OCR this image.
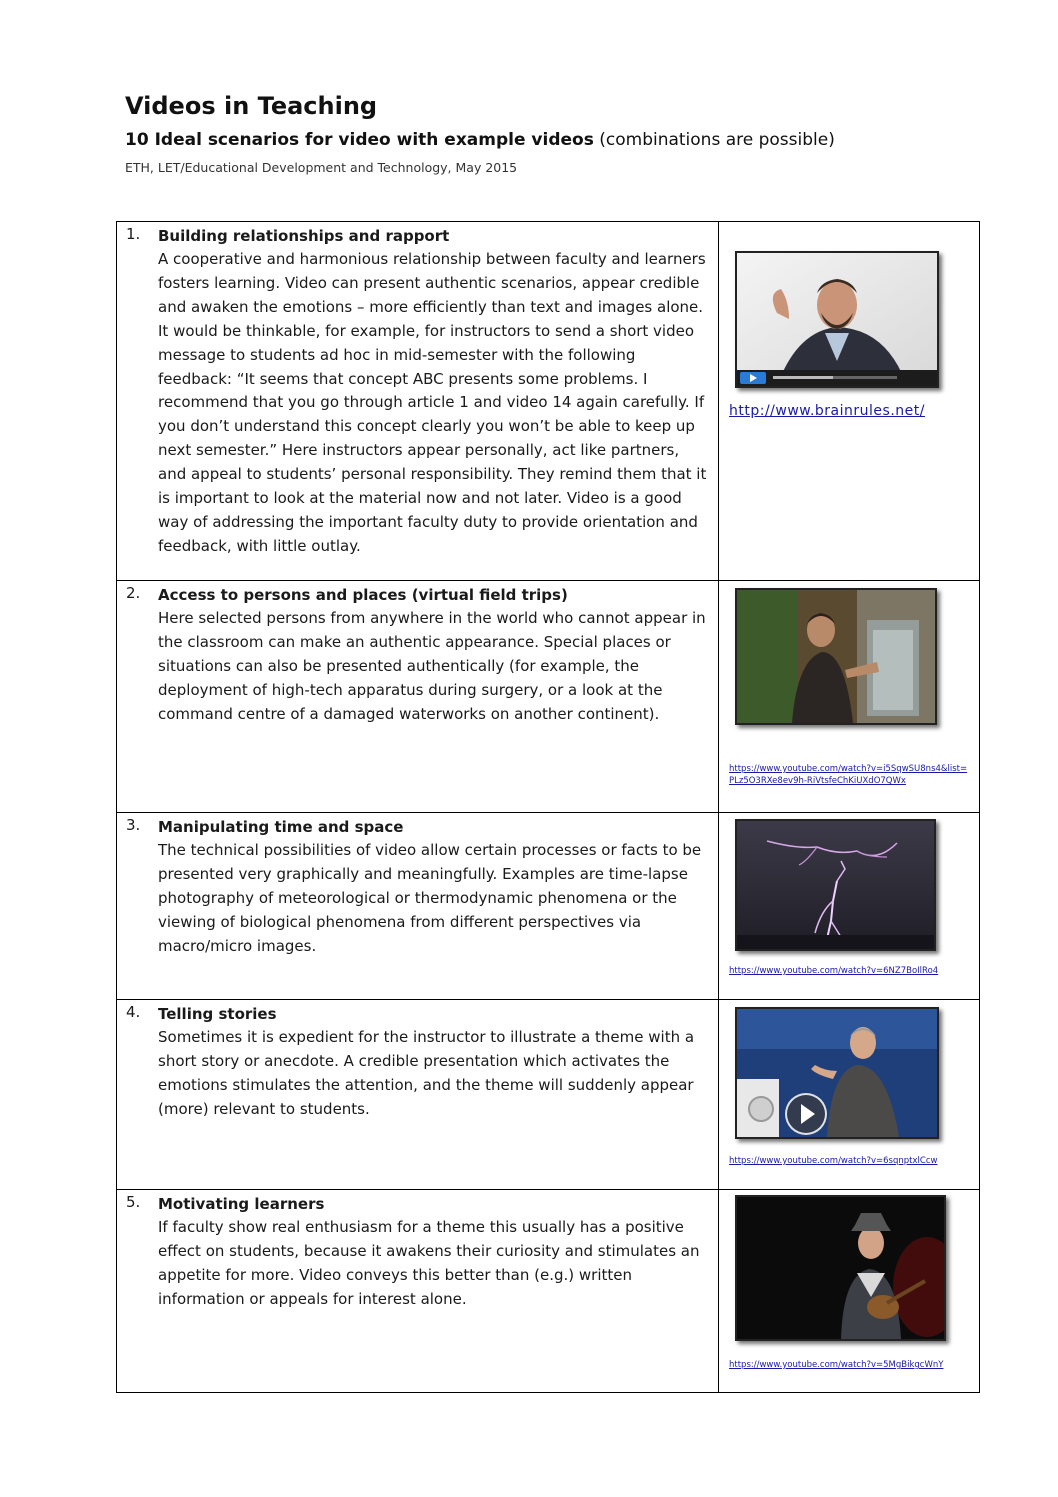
Videos in Teaching

10 Ideal scenarios for video with example videos (combinations are possible)

ETH, LET/Educational Development and Technology, May 2015

1. Building relationships and rapport
A cooperative and harmonious relationship between faculty and learners fosters learning. Video can present authentic scenarios, appear credible and awaken the emotions – more efficiently than text and images alone. It would be thinkable, for example, for instructors to send a short video message to students ad hoc in mid-semester with the following feedback: “It seems that concept ABC presents some problems. I recommend that you go through article 1 and video 14 again carefully. If you don’t understand this concept clearly you won’t be able to keep up next semester.” Here instructors appear personally, act like partners, and appeal to students’ personal responsibility. They remind them that it is important to look at the material now and not later. Video is a good way of addressing the important faculty duty to provide orientation and feedback, with little outlay.	http://www.brainrules.net/

2. Access to persons and places (virtual field trips)
Here selected persons from anywhere in the world who cannot appear in the classroom can make an authentic appearance. Special places or situations can also be presented authentically (for example, the deployment of high-tech apparatus during surgery, or a look at the command centre of a damaged waterworks on another continent).	https://www.youtube.com/watch?v=i5SqwSU8ns4&list=PLz5O3RXe8ev9h-RiVtsfeChKiUXdO7QWx

3. Manipulating time and space
The technical possibilities of video allow certain processes or facts to be presented very graphically and meaningfully. Examples are time-lapse photography of meteorological or thermodynamic phenomena or the viewing of biological phenomena from different perspectives via macro/micro images.	https://www.youtube.com/watch?v=6NZ7BoIlRo4

4. Telling stories
Sometimes it is expedient for the instructor to illustrate a theme with a short story or anecdote. A credible presentation which activates the emotions stimulates the attention, and the theme will suddenly appear (more) relevant to students.	https://www.youtube.com/watch?v=6sqnptxlCcw

5. Motivating learners
If faculty show real enthusiasm for a theme this usually has a positive effect on students, because it awakens their curiosity and stimulates an appetite for more. Video conveys this better than (e.g.) written information or appeals for interest alone.	https://www.youtube.com/watch?v=5MgBikgcWnY
